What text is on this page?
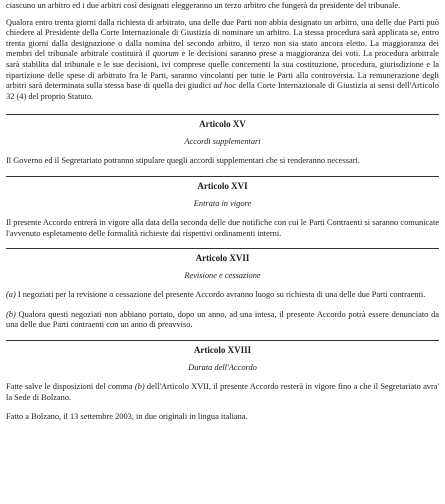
ciascuno un arbitro ed i due arbitri così designati eleggeranno un terzo arbitro che fungerà da presidente del tribunale.

Qualora entro trenta giorni dalla richiesta di arbitrato, una delle due Parti non abbia designato un arbitro, una delle due Parti può chiedere al Presidente della Corte Internazionale di Giustizia di nominare un arbitro. La stessa procedura sarà applicata se, entro trenta giorni dalla designazione o dalla nomina del secondo arbitro, il terzo non sia stato ancora eletto. La maggioranza dei membri del tribunale arbitrale costituirà il quorum e le decisioni saranno prese a maggioranza dei voti. La procedura arbitrale sarà stabilita dal tribunale e le sue decisioni, ivi comprese quelle concernenti la sua costituzione, procedura, giurisdizione e la ripartizione delle spese di arbitrato fra le Parti, saranno vincolanti per tutte le Parti alla controversia. La remunerazione degli arbitri sarà determinata sulla stessa base di quella dei giudici ad hoc della Corte Internazionale di Giustizia ai sensi dell'Articolo 32 (4) del proprio Statuto.

Articolo XV
Accordi supplementari

Il Governo ed il Segretariato potranno stipulare quegli accordi supplementari che si renderanno necessari.

Articolo XVI
Entrata in vigore

Il presente Accordo entrerà in vigore alla data della seconda delle due notifiche con cui le Parti Contraenti si saranno comunicate l'avvenuto espletamento delle formalità richieste dai rispettivi ordinamenti interni.

Articolo XVII
Revisione e cessazione

(a) I negoziati per la revisione o cessazione del presente Accordo avranno luogo su richiesta di una delle due Parti contraenti.

(b) Qualora questi negoziati non abbiano portato, dopo un anno, ad una intesa, il presente Accordo potrà essere denunciato da una delle due Parti contraenti con un anno di preavviso.

Articolo XVIII
Durata dell'Accordo

Fatte salve le disposizioni del comma (b) dell'Articolo XVII, il presente Accordo resterà in vigore fino a che il Segretariato avra' la Sede di Bolzano.

Fatto a Bolzano, il 13 settembre 2003, in due originali in lingua italiana.
